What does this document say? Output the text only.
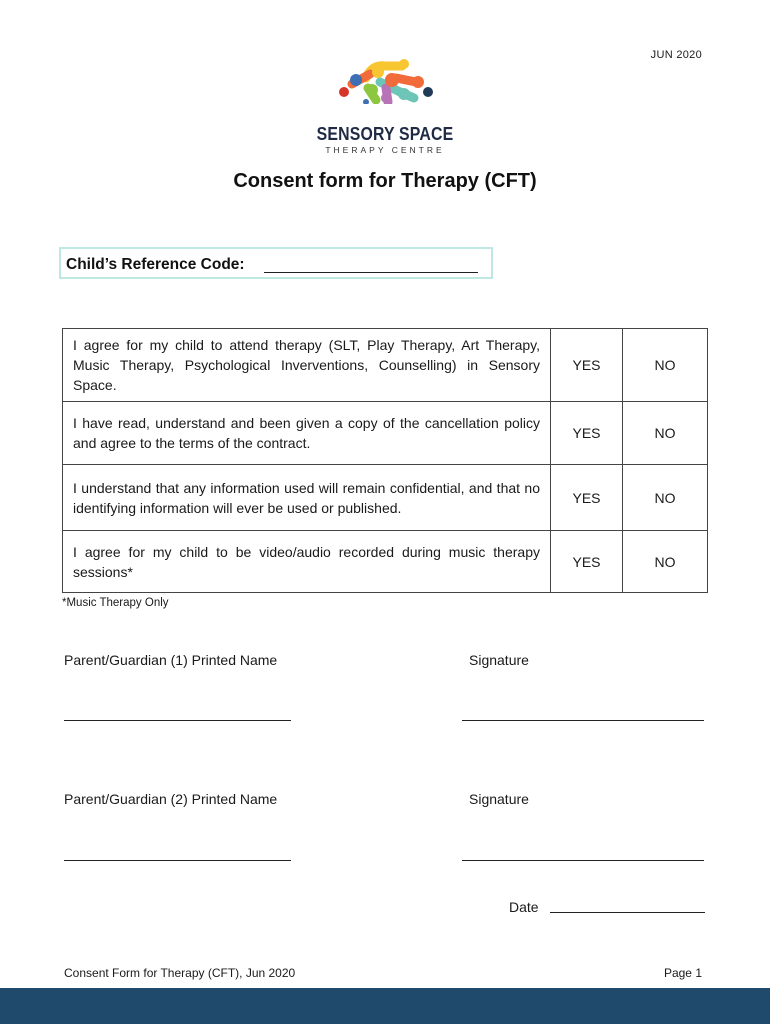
JUN 2020
SENSORY SPACE
THERAPY CENTRE
Consent form for Therapy (CFT)
Child’s Reference Code:
I agree for my child to attend therapy (SLT, Play Therapy, Art Therapy, Music Therapy, Psychological Inverventions, Counselling) in Sensory Space.	YES	NO
I have read, understand and been given a copy of the cancellation policy and agree to the terms of the contract.	YES	NO
I understand that any information used will remain confidential, and that no identifying information will ever be used or published.	YES	NO
I agree for my child to be video/audio recorded during music therapy sessions*	YES	NO
*Music Therapy Only
Parent/Guardian (1) Printed Name	Signature
Parent/Guardian (2) Printed Name	Signature
Date
Consent Form for Therapy (CFT), Jun 2020	Page 1
